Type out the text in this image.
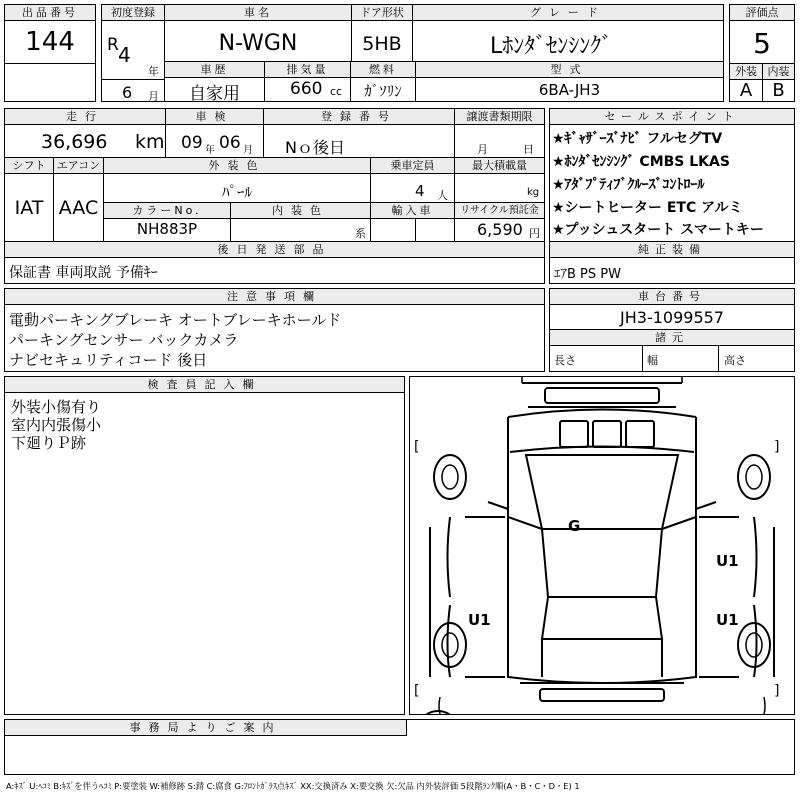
出品番号
144
初度登録
R 4
年
6 月
車名
N-WGN
ドア形状
5HB
グレード
Lﾎﾝﾀﾞｾﾝｼﾝｸﾞ
車歴
自家用
排気量
660 cc
燃料
ｶﾞｿﾘﾝ
型式
6BA-JH3
評価点
5
外装 内装
A	B
走行
36,696 km
車検
09 年 06 月
登録番号
Nｏ後日
譲渡書類期限
月	日
シフト
IAT
エアコン
AAC
外装色
ﾊﾟｰﾙ
乗車定員
4 人
最大積載量
kg
カラーNo.
NH883P
内装色
系
輸入車	リサイクル預託金
6,590 円
後日発送部品
保証書 車両取説 予備ｷｰ
セールスポイント
★ｷﾞｬｻﾞｰｽﾞﾅﾋﾞ フルセグTV
★ﾎﾝﾀﾞｾﾝｼﾝｸﾞ CMBS LKAS
★ｱﾀﾞﾌﾟﾃｨﾌﾞｸﾙｰｽﾞｺﾝﾄﾛｰﾙ
★シートヒーター ETC アルミ
★プッシュスタート スマートキー
純正装備
ｴｱB PS PW
注意事項欄
電動パーキングブレーキ オートブレーキホールド
パーキングセンサー バックカメラ
ナビセキュリティコード 後日
車台番号
JH3-1099557
諸元
長さ	幅	高さ
検査員記入欄
外装小傷有り
室内内張傷小
下廻りＰ跡	[	]
[	]
G
U1
U1	U1
事務局よりご案内
A:ｷｽﾞ U:ﾍｺﾐ B:ｷｽﾞを伴うﾍｺﾐ P:要塗装 W:補修跡 S:錆 C:腐食 G:ﾌﾛﾝﾄｶﾞﾗｽ点ｷｽﾞ XX:交換済み X:要交換 欠:欠品 内外装評価 5段階ﾗﾝｸ順(A・B・C・D・E) 1
